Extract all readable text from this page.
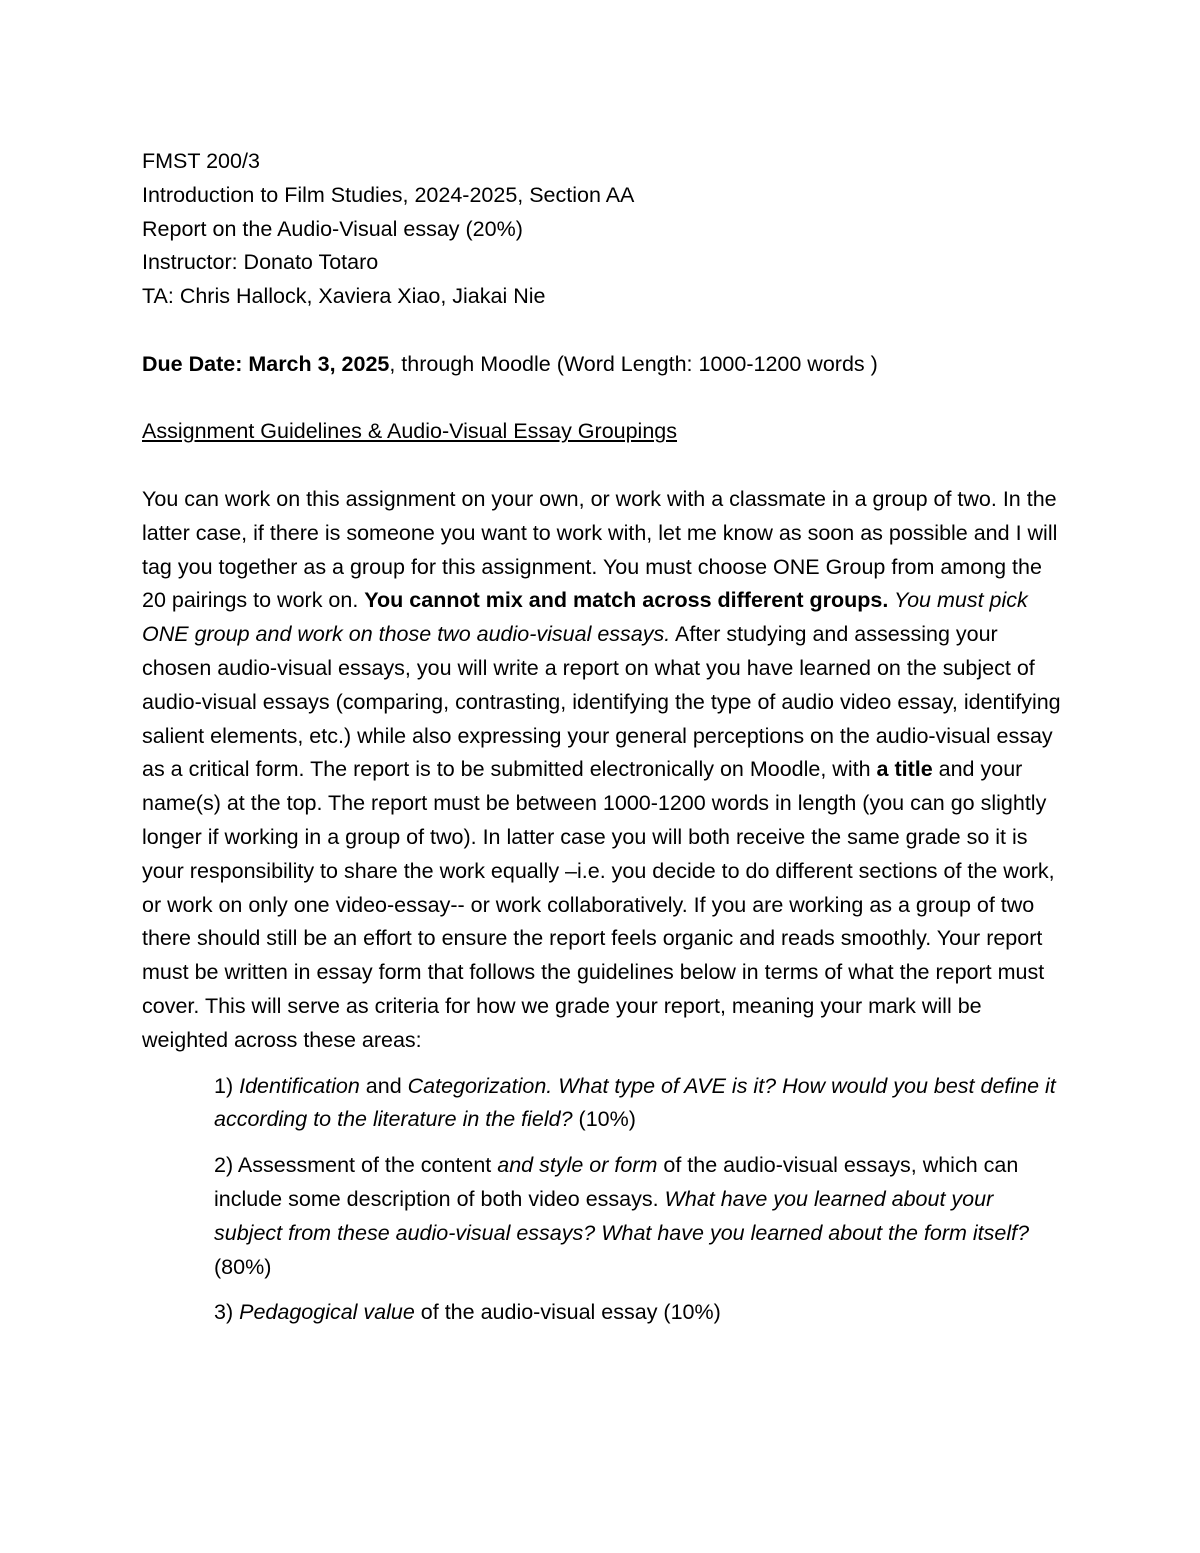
FMST 200/3
Introduction to Film Studies, 2024-2025, Section AA
Report on the Audio-Visual essay (20%)
Instructor: Donato Totaro
TA: Chris Hallock, Xaviera Xiao, Jiakai Nie
Due Date: March 3, 2025, through Moodle (Word Length: 1000-1200 words )
Assignment Guidelines & Audio-Visual Essay Groupings

You can work on this assignment on your own, or work with a classmate in a group of two. In the latter case, if there is someone you want to work with, let me know as soon as possible and I will tag you together as a group for this assignment. You must choose ONE Group from among the 20 pairings to work on. You cannot mix and match across different groups. You must pick ONE group and work on those two audio-visual essays. After studying and assessing your chosen audio-visual essays, you will write a report on what you have learned on the subject of audio-visual essays (comparing, contrasting, identifying the type of audio video essay, identifying salient elements, etc.) while also expressing your general perceptions on the audio-visual essay as a critical form. The report is to be submitted electronically on Moodle, with a title and your name(s) at the top. The report must be between 1000-1200 words in length (you can go slightly longer if working in a group of two). In latter case you will both receive the same grade so it is your responsibility to share the work equally –i.e. you decide to do different sections of the work, or work on only one video-essay-- or work collaboratively. If you are working as a group of two there should still be an effort to ensure the report feels organic and reads smoothly. Your report must be written in essay form that follows the guidelines below in terms of what the report must cover. This will serve as criteria for how we grade your report, meaning your mark will be weighted across these areas:

1) Identification and Categorization. What type of AVE is it? How would you best define it according to the literature in the field? (10%)

2) Assessment of the content and style or form of the audio-visual essays, which can include some description of both video essays. What have you learned about your subject from these audio-visual essays? What have you learned about the form itself? (80%)

3) Pedagogical value of the audio-visual essay (10%)
